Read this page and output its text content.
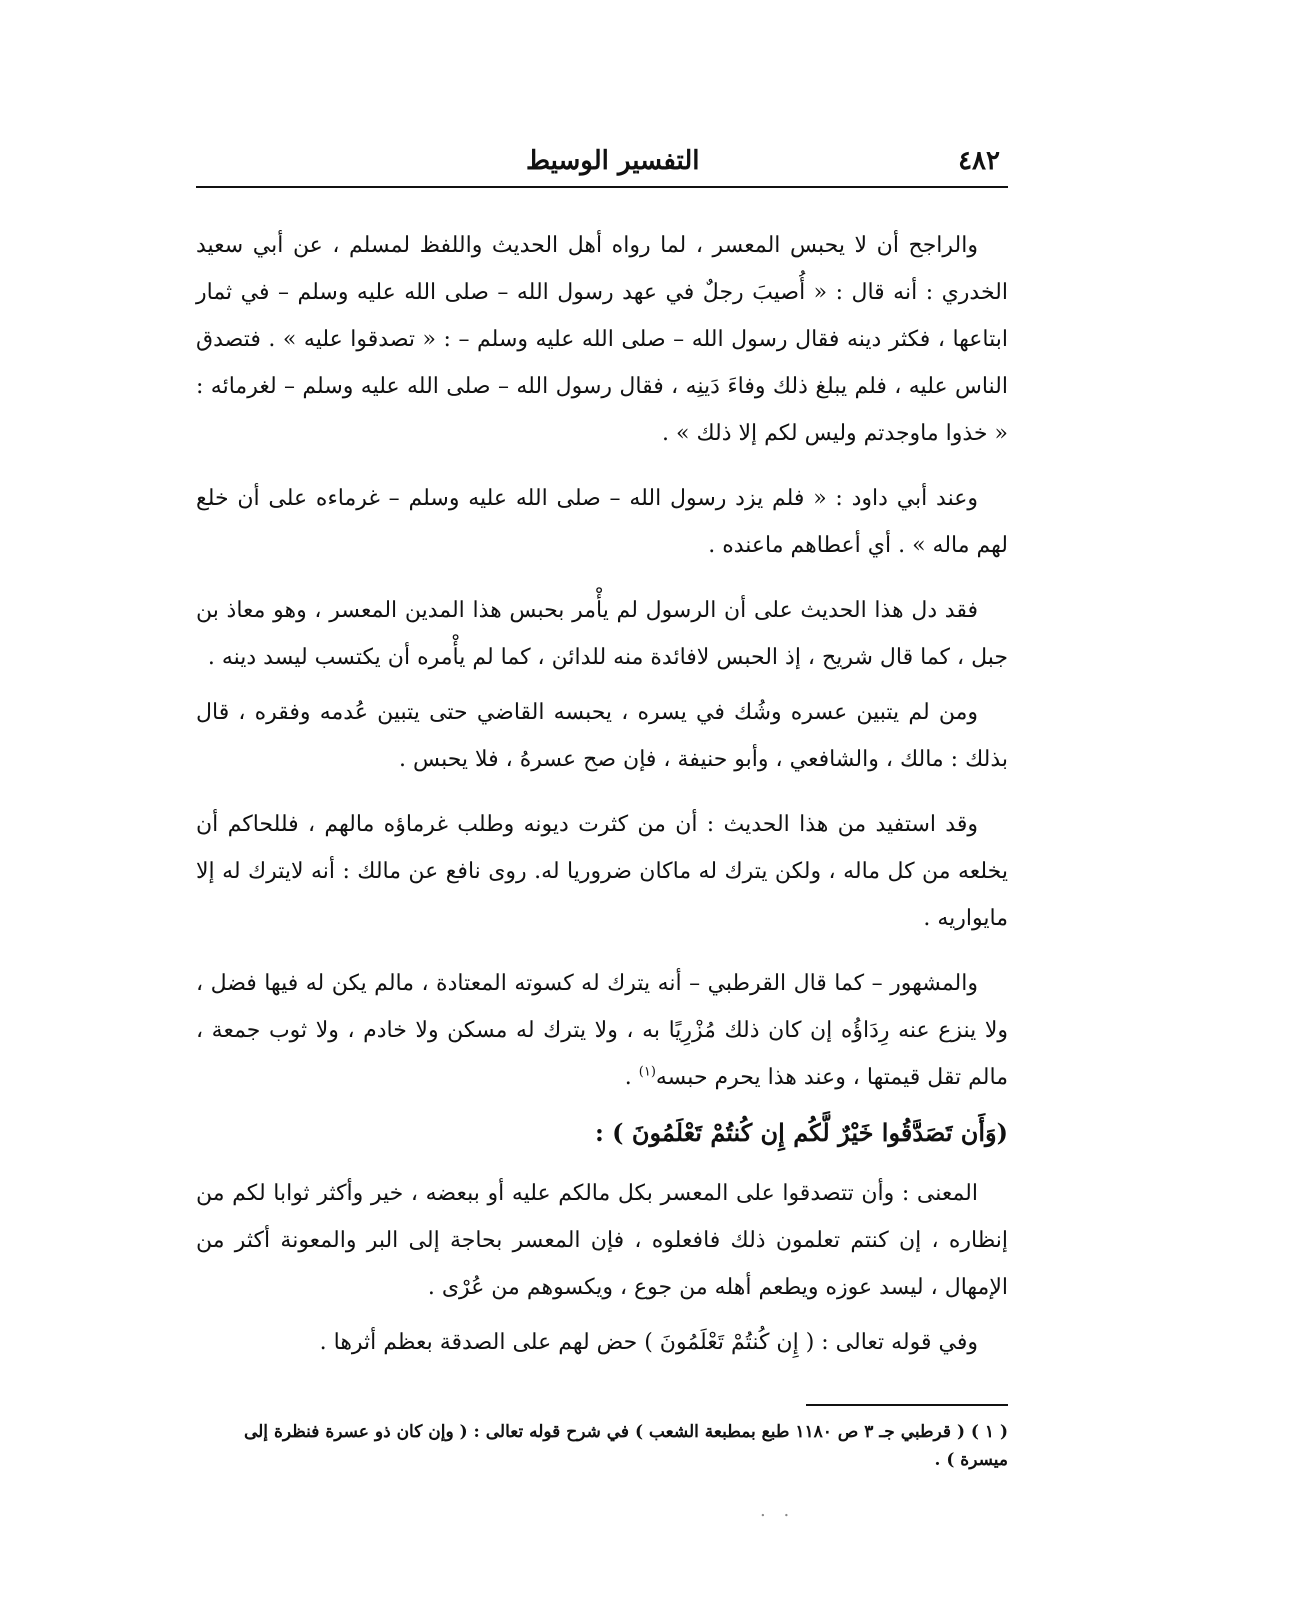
٤٨٢
التفسير الوسيط

والراجح أن لا يحبس المعسر ، لما رواه أهل الحديث واللفظ لمسلم ، عن أبي سعيد الخدري : أنه قال : « أُصيبَ رجلٌ في عهد رسول الله – صلى الله عليه وسلم – في ثمار ابتاعها ، فكثر دينه فقال رسول الله – صلى الله عليه وسلم – : « تصدقوا عليه » . فتصدق الناس عليه ، فلم يبلغ ذلك وفاءَ دَينِه ، فقال رسول الله – صلى الله عليه وسلم – لغرمائه : « خذوا ماوجدتم وليس لكم إلا ذلك » .

وعند أبي داود : « فلم يزد رسول الله – صلى الله عليه وسلم – غرماءه على أن خلع لهم ماله » . أي أعطاهم ماعنده .

فقد دل هذا الحديث على أن الرسول لم يأْمر بحبس هذا المدين المعسر ، وهو معاذ بن جبل ، كما قال شريح ، إذ الحبس لافائدة منه للدائن ، كما لم يأْمره أن يكتسب ليسد دينه .

ومن لم يتبين عسره وشُك في يسره ، يحبسه القاضي حتى يتبين عُدمه وفقره ، قال بذلك : مالك ، والشافعي ، وأبو حنيفة ، فإن صح عسرهُ ، فلا يحبس .

وقد استفيد من هذا الحديث : أن من كثرت ديونه وطلب غرماؤه مالهم ، فللحاكم أن يخلعه من كل ماله ، ولكن يترك له ماكان ضروريا له. روى نافع عن مالك : أنه لايترك له إلا مايواريه .

والمشهور – كما قال القرطبي – أنه يترك له كسوته المعتادة ، مالم يكن له فيها فضل ، ولا ينزع عنه رِدَاؤُه إن كان ذلك مُزْرِيًا به ، ولا يترك له مسكن ولا خادم ، ولا ثوب جمعة ، مالم تقل قيمتها ، وعند هذا يحرم حبسه$^{(١)}$ .

(وَأَن تَصَدَّقُوا خَيْرٌ لَّكُم إِن كُنتُمْ تَعْلَمُونَ ) :

المعنى : وأن تتصدقوا على المعسر بكل مالكم عليه أو ببعضه ، خير وأكثر ثوابا لكم من إنظاره ، إن كنتم تعلمون ذلك فافعلوه ، فإن المعسر بحاجة إلى البر والمعونة أكثر من الإمهال ، ليسد عوزه ويطعم أهله من جوع ، ويكسوهم من عُرْى .

وفي قوله تعالى : ( إِن كُنتُمْ تَعْلَمُونَ ) حض لهم على الصدقة بعظم أثرها .

( ١ ) ( قرطبي جـ ٣ ص ١١٨٠ طبع بمطبعة الشعب ) في شرح قوله تعالى : ( وإن كان ذو عسرة فنظرة إلى ميسرة ) .
. .
